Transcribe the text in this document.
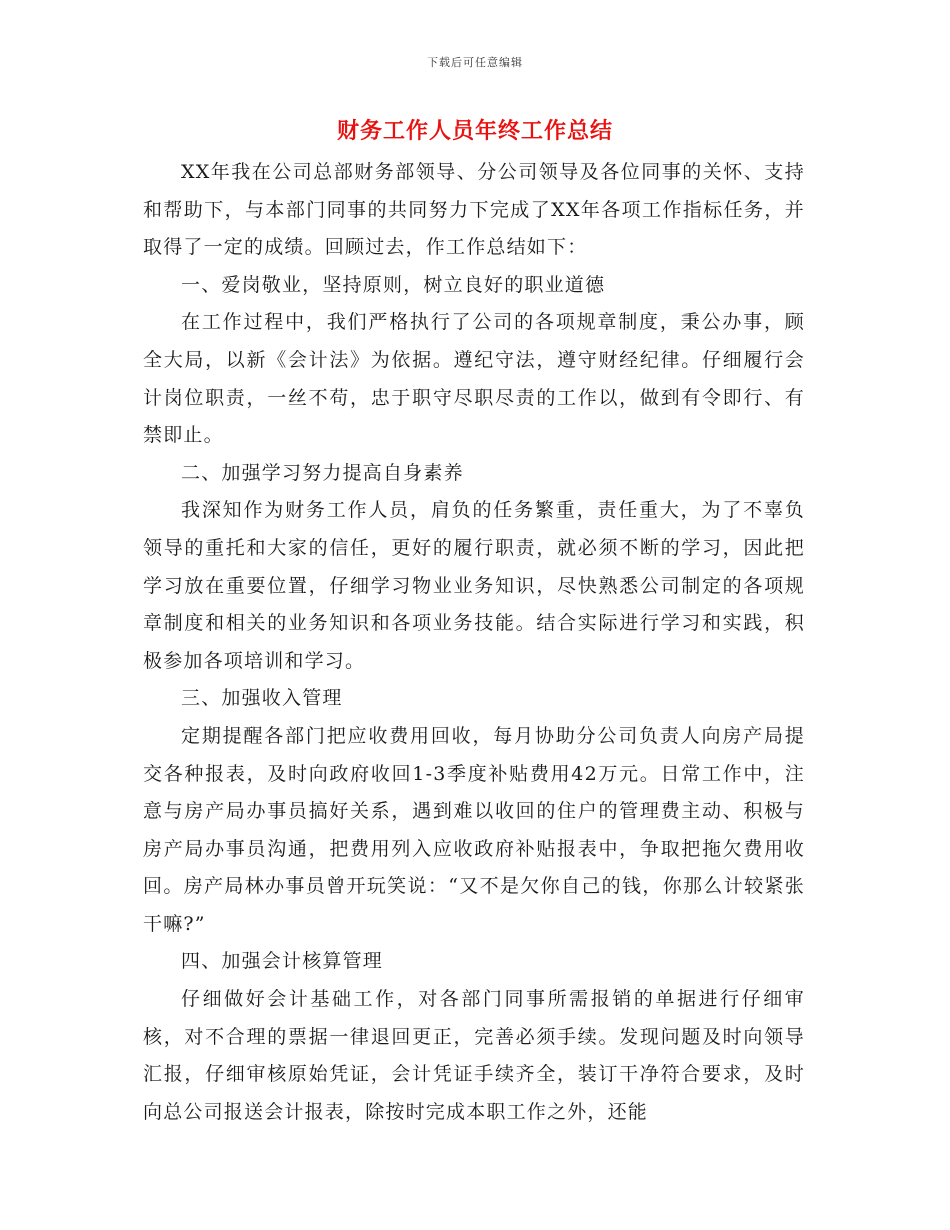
下载后可任意编辑
财务工作人员年终工作总结

XX年我在公司总部财务部领导、分公司领导及各位同事的关怀、支持和帮助下，与本部门同事的共同努力下完成了XX年各项工作指标任务，并取得了一定的成绩。回顾过去，作工作总结如下：

一、爱岗敬业，坚持原则，树立良好的职业道德

在工作过程中，我们严格执行了公司的各项规章制度，秉公办事，顾全大局，以新《会计法》为依据。遵纪守法，遵守财经纪律。仔细履行会计岗位职责，一丝不苟，忠于职守尽职尽责的工作以，做到有令即行、有禁即止。

二、加强学习努力提高自身素养

我深知作为财务工作人员，肩负的任务繁重，责任重大，为了不辜负领导的重托和大家的信任，更好的履行职责，就必须不断的学习，因此把学习放在重要位置，仔细学习物业业务知识，尽快熟悉公司制定的各项规章制度和相关的业务知识和各项业务技能。结合实际进行学习和实践，积极参加各项培训和学习。

三、加强收入管理

定期提醒各部门把应收费用回收，每月协助分公司负责人向房产局提交各种报表，及时向政府收回1-3季度补贴费用42万元。日常工作中，注意与房产局办事员搞好关系，遇到难以收回的住户的管理费主动、积极与房产局办事员沟通，把费用列入应收政府补贴报表中，争取把拖欠费用收回。房产局林办事员曾开玩笑说：“又不是欠你自己的钱，你那么计较紧张干嘛?”

四、加强会计核算管理

仔细做好会计基础工作，对各部门同事所需报销的单据进行仔细审核，对不合理的票据一律退回更正，完善必须手续。发现问题及时向领导汇报，仔细审核原始凭证，会计凭证手续齐全，装订干净符合要求，及时向总公司报送会计报表，除按时完成本职工作之外，还能
